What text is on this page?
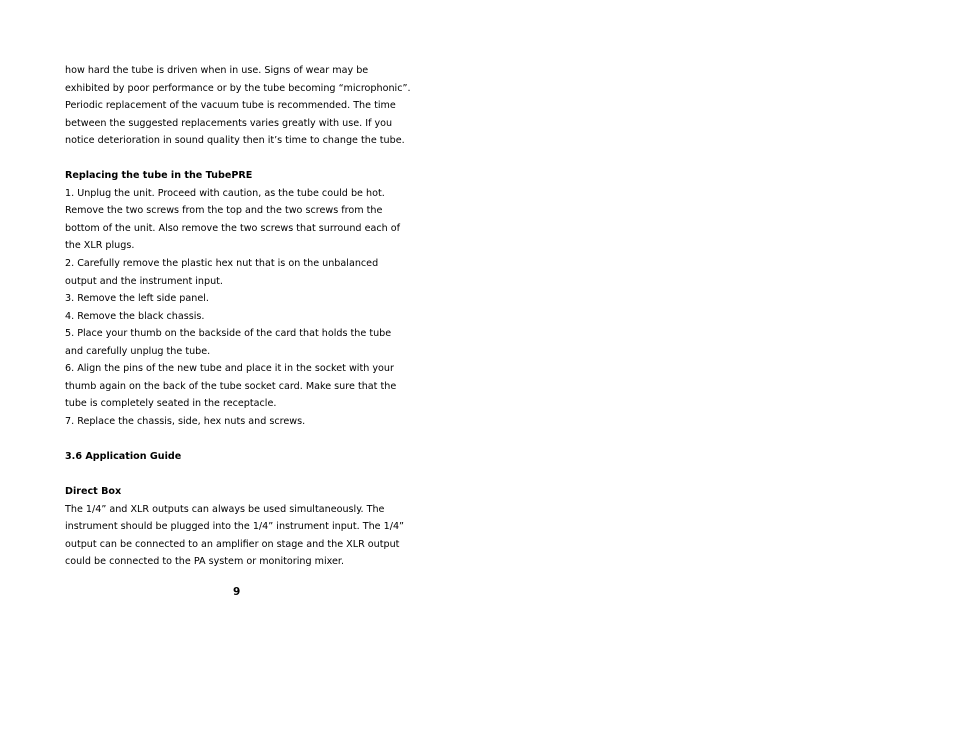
how hard the tube is driven when in use. Signs of wear may be
exhibited by poor performance or by the tube becoming “microphonic”.
Periodic replacement of the vacuum tube is recommended. The time
between the suggested replacements varies greatly with use. If you
notice deterioration in sound quality then it’s time to change the tube.
Replacing the tube in the TubePRE
1. Unplug the unit. Proceed with caution, as the tube could be hot.
Remove the two screws from the top and the two screws from the
bottom of the unit. Also remove the two screws that surround each of
the XLR plugs.
2. Carefully remove the plastic hex nut that is on the unbalanced
output and the instrument input.
3. Remove the left side panel.
4. Remove the black chassis.
5. Place your thumb on the backside of the card that holds the tube
and carefully unplug the tube.
6. Align the pins of the new tube and place it in the socket with your
thumb again on the back of the tube socket card. Make sure that the
tube is completely seated in the receptacle.
7. Replace the chassis, side, hex nuts and screws.
3.6 Application Guide
Direct Box
The 1/4” and XLR outputs can always be used simultaneously. The
instrument should be plugged into the 1/4” instrument input. The 1/4”
output can be connected to an amplifier on stage and the XLR output
could be connected to the PA system or monitoring mixer.
9
